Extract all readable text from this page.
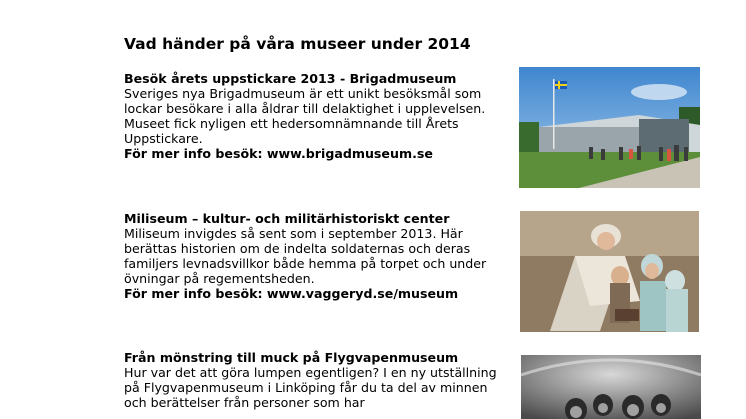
Vad händer på våra museer under 2014
Besök årets uppstickare 2013 - Brigadmuseum
Sveriges nya Brigadmuseum är ett unikt besöksmål som lockar besökare i alla åldrar till delaktighet i upplevelsen. Museet fick nyligen ett hedersomnämnande till Årets Uppstickare.
För mer info besök: www.brigadmuseum.se
Miliseum – kultur- och militärhistoriskt center
Miliseum invigdes så sent som i september 2013. Här berättas historien om de indelta soldaternas och deras familjers levnadsvillkor både hemma på torpet och under övningar på regementsheden.
För mer info besök: www.vaggeryd.se/museum
Från mönstring till muck på Flygvapenmuseum
Hur var det att göra lumpen egentligen? I en ny utställning på Flygvapenmuseum i Linköping får du ta del av minnen och berättelser från personer som har
